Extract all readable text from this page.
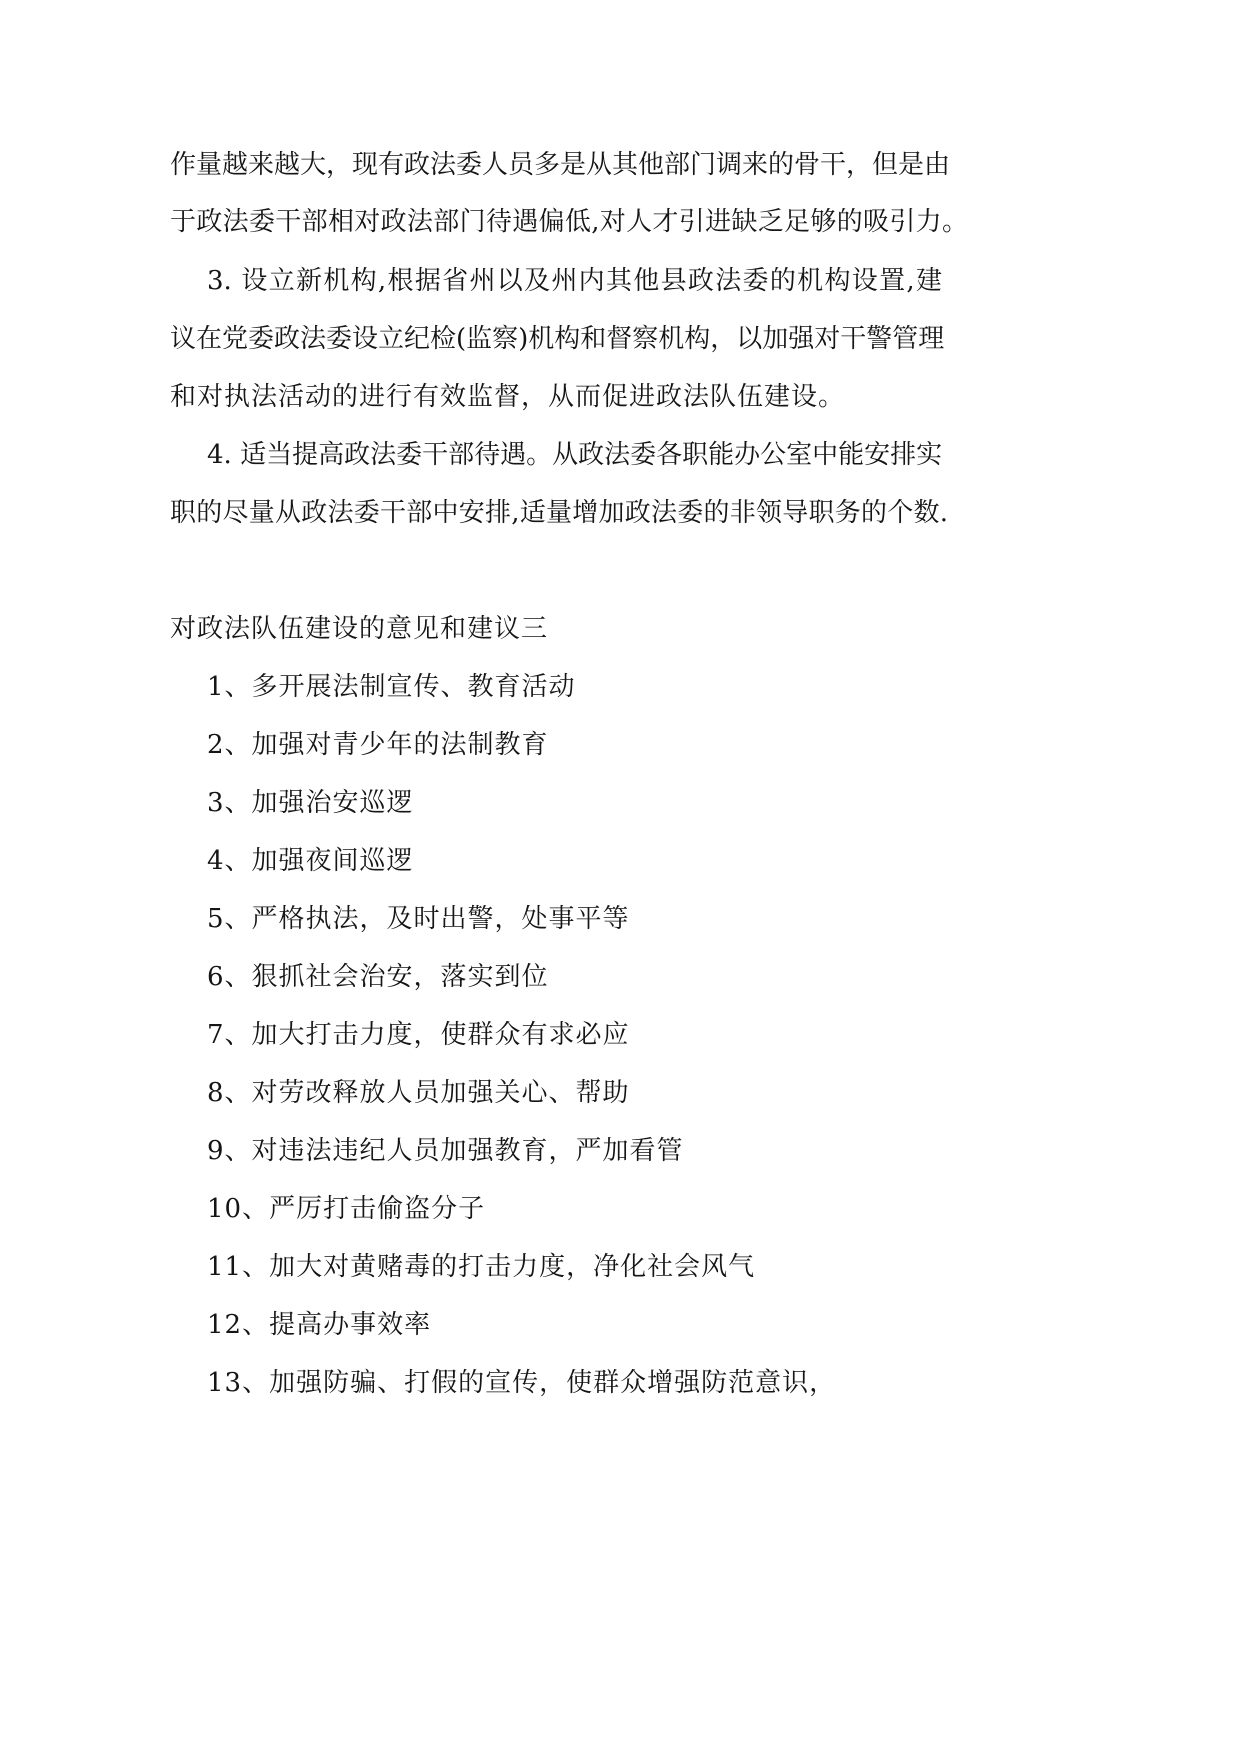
作量越来越大，现有政法委人员多是从其他部门调来的骨干，但是由
于政法委干部相对政法部门待遇偏低,对人才引进缺乏足够的吸引力。
3. 设立新机构,根据省州以及州内其他县政法委的机构设置,建
议在党委政法委设立纪检(监察)机构和督察机构，以加强对干警管理
和对执法活动的进行有效监督，从而促进政法队伍建设。
4. 适当提高政法委干部待遇。从政法委各职能办公室中能安排实
职的尽量从政法委干部中安排,适量增加政法委的非领导职务的个数.
对政法队伍建设的意见和建议三
1、多开展法制宣传、教育活动
2、加强对青少年的法制教育
3、加强治安巡逻
4、加强夜间巡逻
5、严格执法，及时出警，处事平等
6、狠抓社会治安，落实到位
7、加大打击力度，使群众有求必应
8、对劳改释放人员加强关心、帮助
9、对违法违纪人员加强教育，严加看管
10、严厉打击偷盗分子
11、加大对黄赌毒的打击力度，净化社会风气
12、提高办事效率
13、加强防骗、打假的宣传，使群众增强防范意识，
